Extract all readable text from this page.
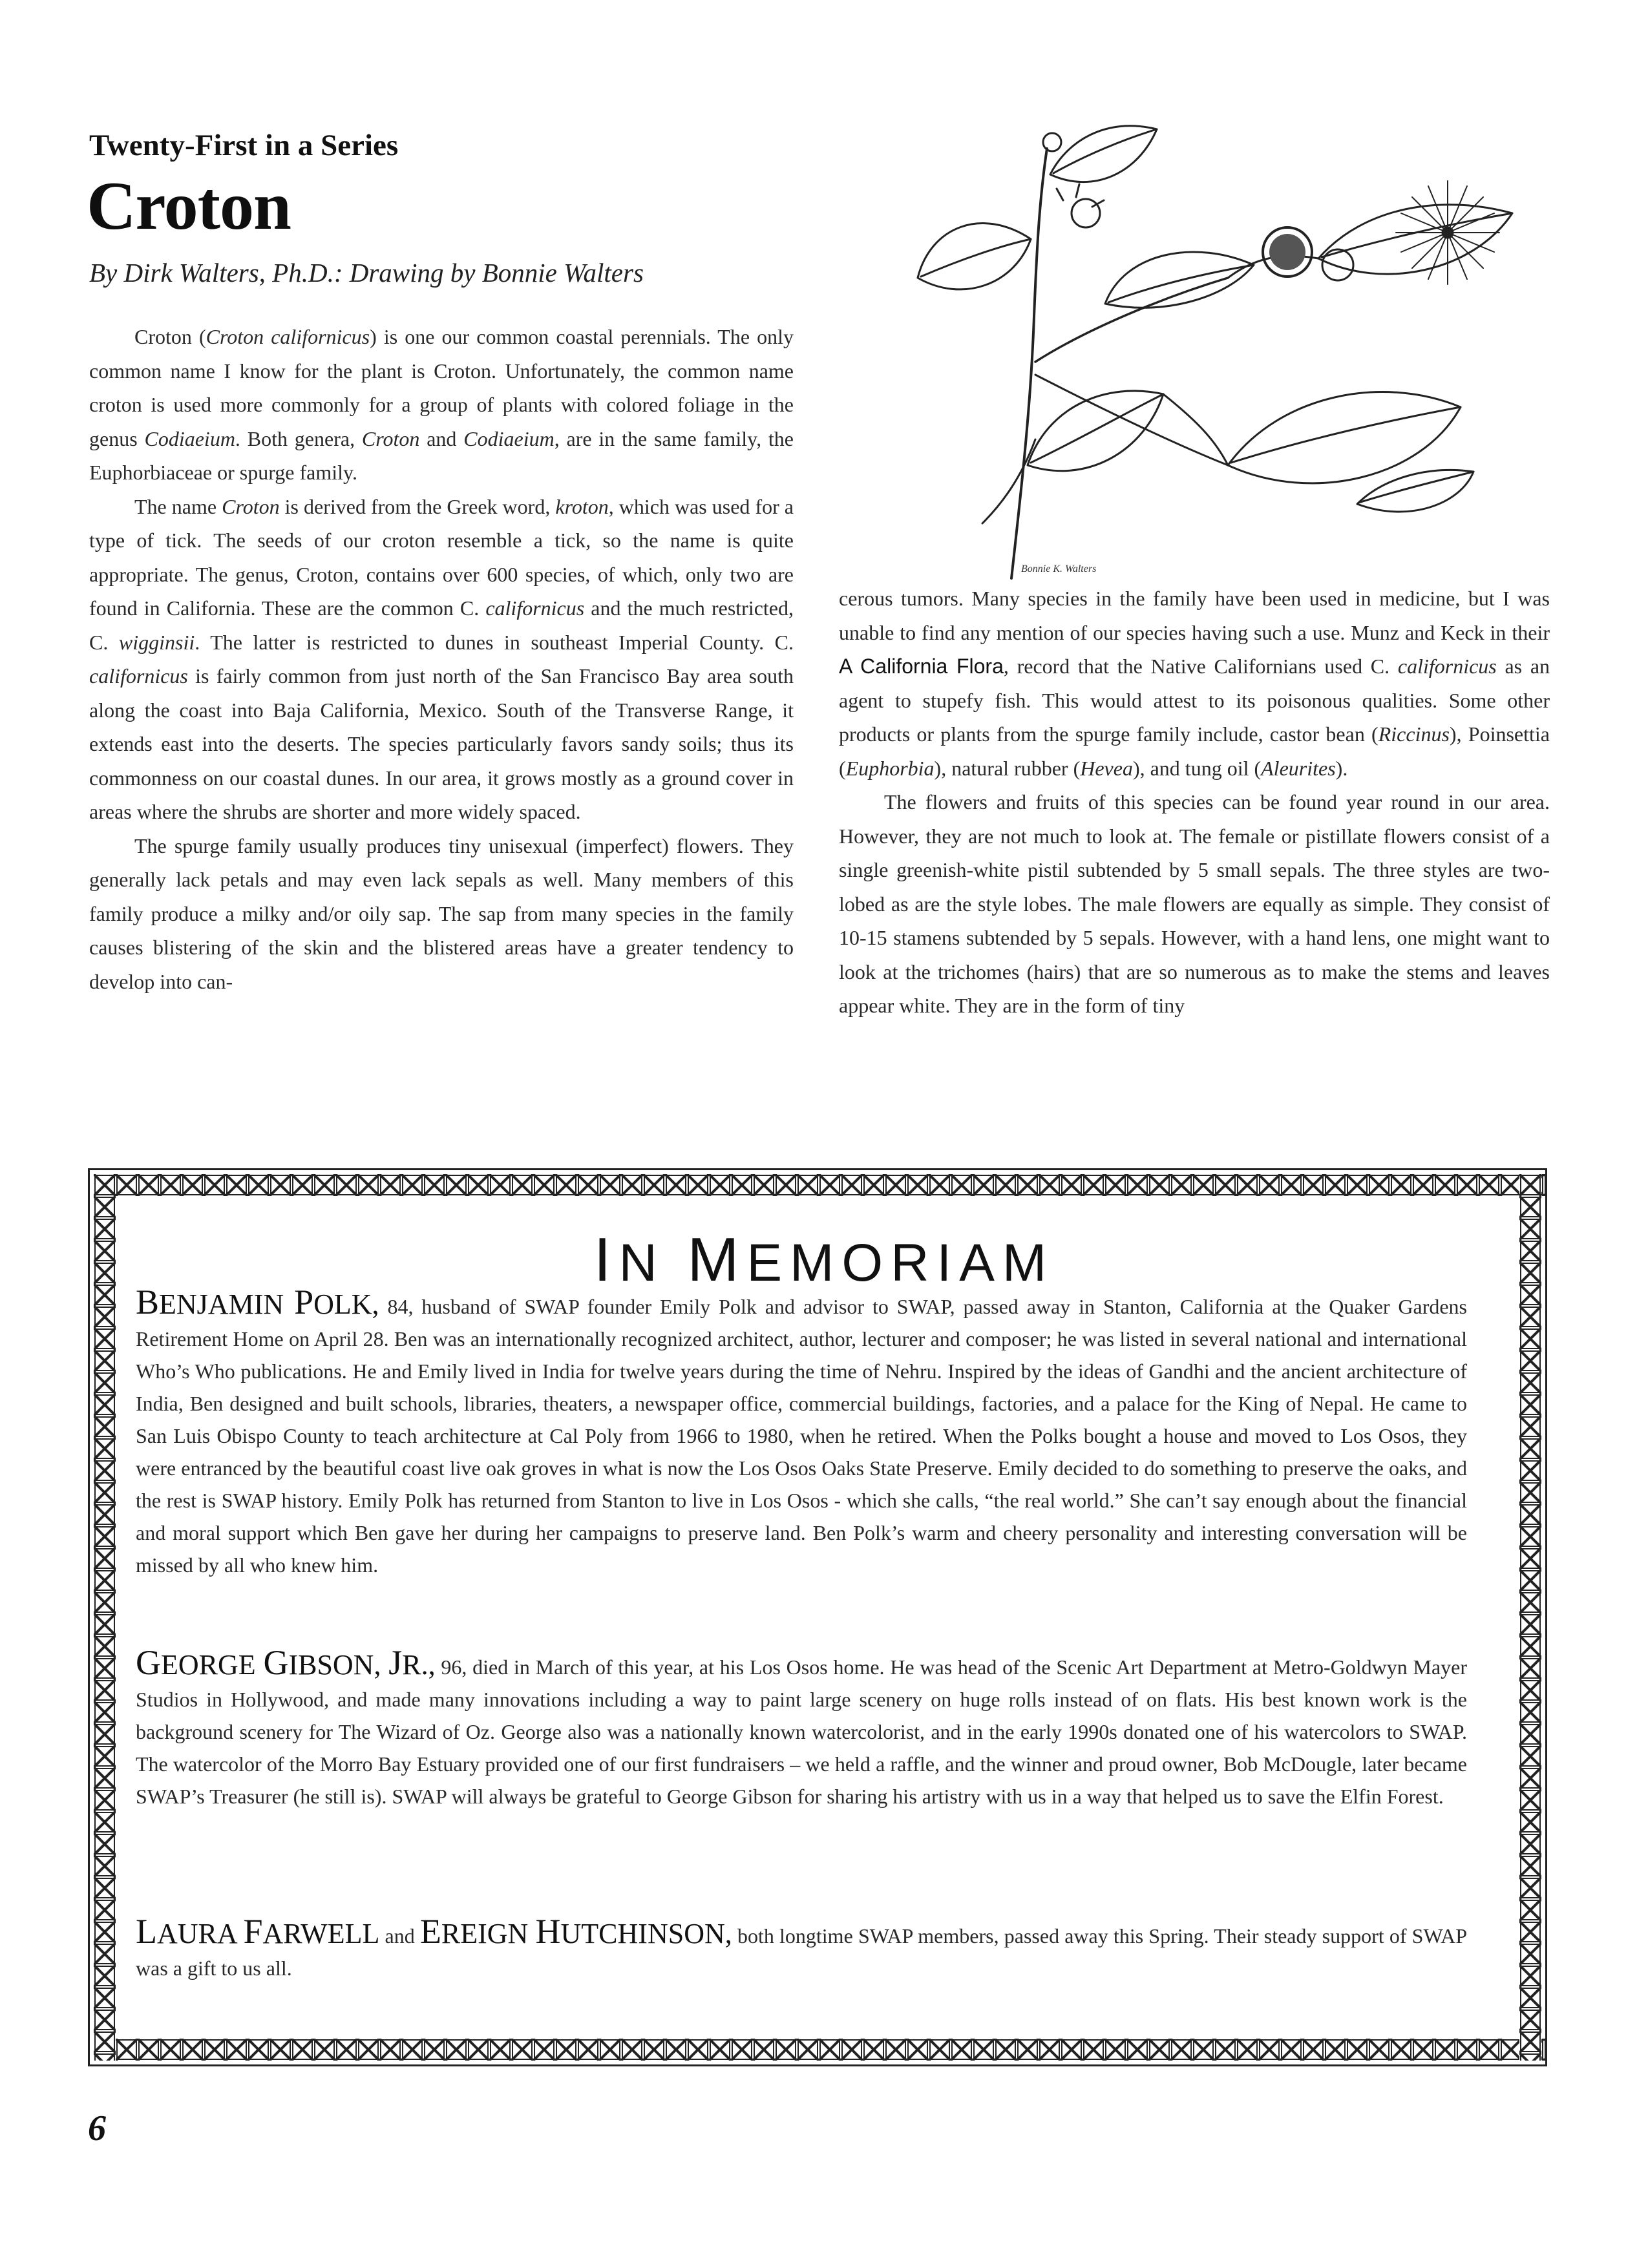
Twenty-First in a Series
Croton
By Dirk Walters, Ph.D.: Drawing by Bonnie Walters

Croton (Croton californicus) is one our common coastal perennials. The only common name I know for the plant is Croton. Unfortunately, the common name croton is used more commonly for a group of plants with colored foliage in the genus Codiaeium. Both genera, Croton and Codiaeium, are in the same family, the Euphorbiaceae or spurge family.

The name Croton is derived from the Greek word, kroton, which was used for a type of tick. The seeds of our croton resemble a tick, so the name is quite appropriate. The genus, Croton, contains over 600 species, of which, only two are found in California. These are the common C. californicus and the much restricted, C. wigginsii. The latter is restricted to dunes in southeast Imperial County. C. californicus is fairly common from just north of the San Francisco Bay area south along the coast into Baja California, Mexico. South of the Transverse Range, it extends east into the deserts. The species particularly favors sandy soils; thus its commonness on our coastal dunes. In our area, it grows mostly as a ground cover in areas where the shrubs are shorter and more widely spaced.

The spurge family usually produces tiny unisexual (imperfect) flowers. They generally lack petals and may even lack sepals as well. Many members of this family produce a milky and/or oily sap. The sap from many species in the family causes blistering of the skin and the blistered areas have a greater tendency to develop into can-

Bonnie K. Walters

cerous tumors. Many species in the family have been used in medicine, but I was unable to find any mention of our species having such a use. Munz and Keck in their A California Flora, record that the Native Californians used C. californicus as an agent to stupefy fish. This would attest to its poisonous qualities. Some other products or plants from the spurge family include, castor bean (Riccinus), Poinsettia (Euphorbia), natural rubber (Hevea), and tung oil (Aleurites).

The flowers and fruits of this species can be found year round in our area. However, they are not much to look at. The female or pistillate flowers consist of a single greenish-white pistil subtended by 5 small sepals. The three styles are two-lobed as are the style lobes. The male flowers are equally as simple. They consist of 10-15 stamens subtended by 5 sepals. However, with a hand lens, one might want to look at the trichomes (hairs) that are so numerous as to make the stems and leaves appear white. They are in the form of tiny

IN MEMORIAM
BENJAMIN POLK, 84, husband of SWAP founder Emily Polk and advisor to SWAP, passed away in Stanton, California at the Quaker Gardens Retirement Home on April 28. Ben was an internationally recognized architect, author, lecturer and composer; he was listed in several national and international Who’s Who publications. He and Emily lived in India for twelve years during the time of Nehru. Inspired by the ideas of Gandhi and the ancient architecture of India, Ben designed and built schools, libraries, theaters, a newspaper office, commercial buildings, factories, and a palace for the King of Nepal. He came to San Luis Obispo County to teach architecture at Cal Poly from 1966 to 1980, when he retired. When the Polks bought a house and moved to Los Osos, they were entranced by the beautiful coast live oak groves in what is now the Los Osos Oaks State Preserve. Emily decided to do something to preserve the oaks, and the rest is SWAP history. Emily Polk has returned from Stanton to live in Los Osos - which she calls, “the real world.” She can’t say enough about the financial and moral support which Ben gave her during her campaigns to preserve land. Ben Polk’s warm and cheery personality and interesting conversation will be missed by all who knew him.
GEORGE GIBSON, JR., 96, died in March of this year, at his Los Osos home. He was head of the Scenic Art Department at Metro-Goldwyn Mayer Studios in Hollywood, and made many innovations including a way to paint large scenery on huge rolls instead of on flats. His best known work is the background scenery for The Wizard of Oz. George also was a nationally known watercolorist, and in the early 1990s donated one of his watercolors to SWAP. The watercolor of the Morro Bay Estuary provided one of our first fundraisers – we held a raffle, and the winner and proud owner, Bob McDougle, later became SWAP’s Treasurer (he still is). SWAP will always be grateful to George Gibson for sharing his artistry with us in a way that helped us to save the Elfin Forest.
LAURA FARWELL and EREIGN HUTCHINSON, both longtime SWAP members, passed away this Spring. Their steady support of SWAP was a gift to us all.
6
